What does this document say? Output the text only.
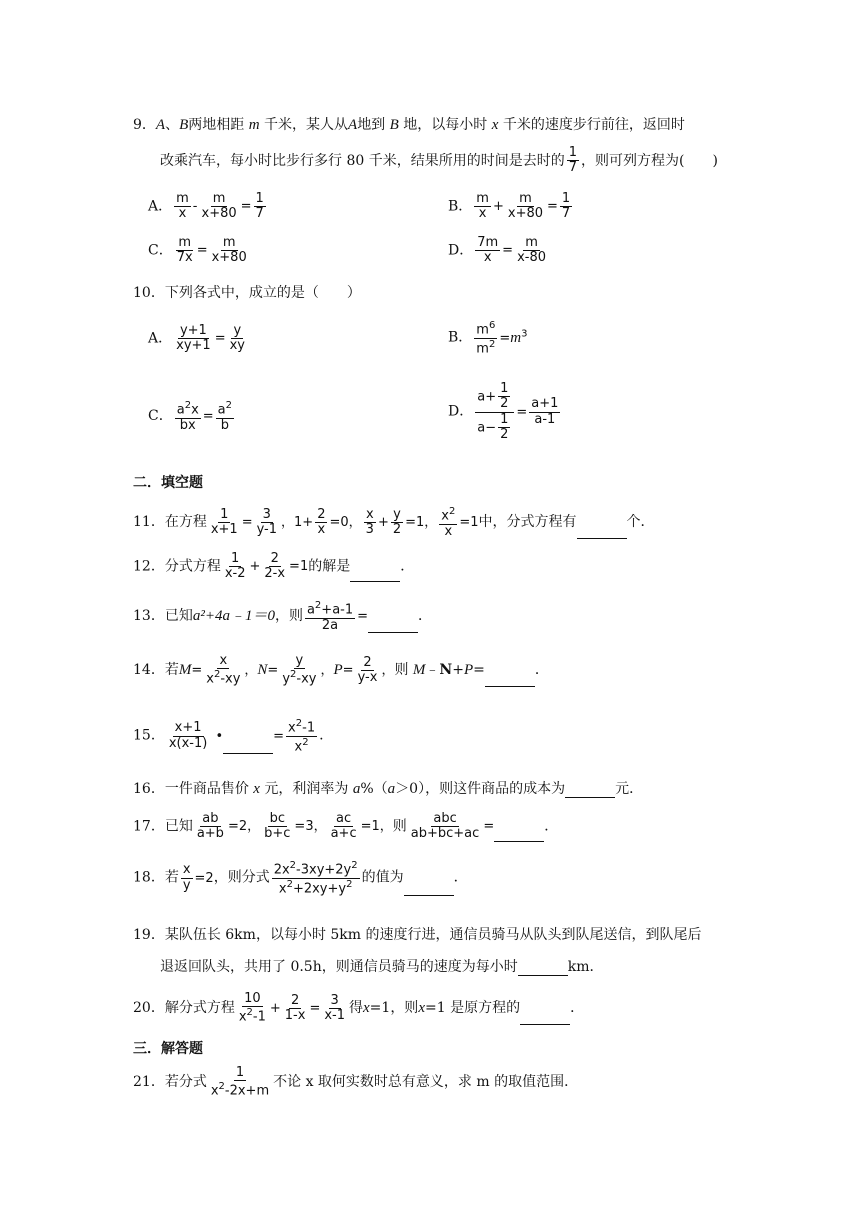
9．A、B两地相距 m 千米，某人从A地到 B 地，以每小时 x 千米的速度步行前往，返回时
改乘汽车，每小时比步行多行 80 千米，结果所用的时间是去时的 $\frac{1}{7}$ ，则可列方程为(　　)
A． $\frac{m}{x} - \frac{m}{x+80} = \frac{1}{7}$	B． $\frac{m}{x} + \frac{m}{x+80} = \frac{1}{7}$
C． $\frac{m}{7x} = \frac{m}{x+80}$	D． $\frac{7m}{x} = \frac{m}{x-80}$
10．下列各式中，成立的是（　　）
A． $\frac{y+1}{xy+1} = \frac{y}{xy}$	B． $\frac{m^6}{m^2} =m^3$
C． $\frac{a^2x}{bx} = \frac{a^2}{b}$	D． $\frac{a+ \frac{1}{2}}{a- \frac{1}{2}} = \frac{a+1}{a-1}$
二．填空题
11．在方程 $\frac{1}{x+1} = \frac{3}{y-1}$ ，$1+ \frac{2}{x} =0$， $\frac{x}{3} + \frac{y}{2} =1$， $\frac{x^2}{x} =1$中，分式方程有	个．
12．分式方程 $\frac{1}{x-2} + \frac{2}{2-x} =1$的解是	．
13．已知a²+4a﹣1＝0，则 $\frac{a^2+a-1}{2a}$ =	．
14．若$M= \frac{x}{x^2-xy}$ ，$N= \frac{y}{y^2-xy}$ ，$P= \frac{2}{y-x}$ ，则 M﹣N+P=	．
15． $\frac{x+1}{x(x-1)}$ •	= $\frac{x^2-1}{x^2}$ .
16．一件商品售价 x 元，利润率为 a%（a＞0），则这件商品的成本为	元．
17．已知 $\frac{ab}{a+b} =2$， $\frac{bc}{b+c} =3$， $\frac{ac}{a+c} =1$，则 $\frac{\text{abc}}{ab+bc+ac}$ =	．
18．若 $\frac{x}{y} =2$，则分式 $\frac{2x^2-3xy+2y^2}{x^2+2xy+y^2}$ 的值为	．
19．某队伍长 6km，以每小时 5km 的速度行进，通信员骑马从队头到队尾送信，到队尾后
退返回队头，共用了 0.5h，则通信员骑马的速度为每小时	km．
20．解分式方程 $\frac{10}{x^2-1} + \frac{2}{1-x} = \frac{3}{x-1}$ 得x=1，则x=1 是原方程的	．
三．解答题
21．若分式 $\frac{1}{x^2-2x+m}$ 不论 x 取何实数时总有意义，求 m 的取值范围．
